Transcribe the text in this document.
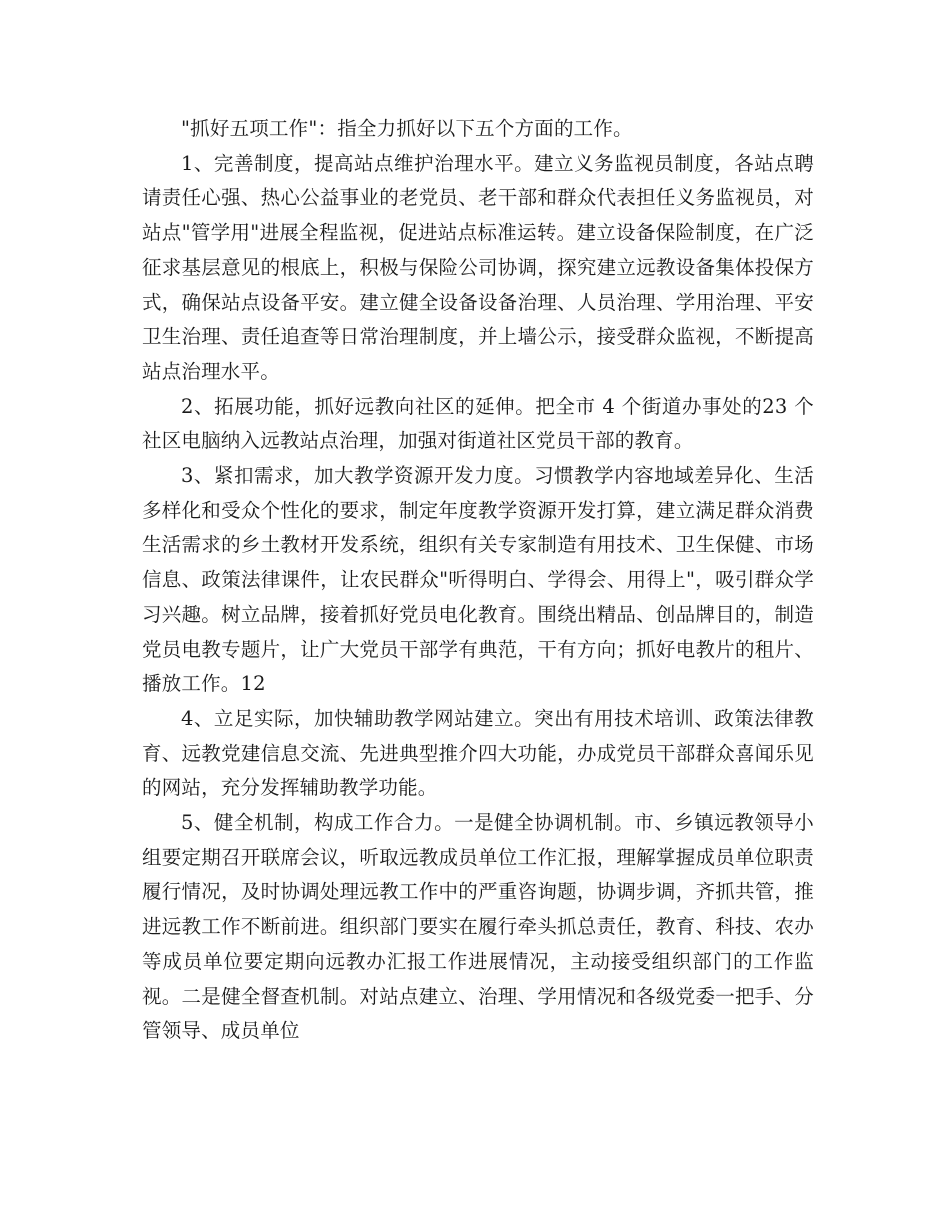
"抓好五项工作"：指全力抓好以下五个方面的工作。

1、完善制度，提高站点维护治理水平。建立义务监视员制度，各站点聘请责任心强、热心公益事业的老党员、老干部和群众代表担任义务监视员，对站点"管学用"进展全程监视，促进站点标准运转。建立设备保险制度，在广泛征求基层意见的根底上，积极与保险公司协调，探究建立远教设备集体投保方式，确保站点设备平安。建立健全设备设备治理、人员治理、学用治理、平安卫生治理、责任追查等日常治理制度，并上墙公示，接受群众监视，不断提高站点治理水平。

2、拓展功能，抓好远教向社区的延伸。把全市 4 个街道办事处的23 个社区电脑纳入远教站点治理，加强对街道社区党员干部的教育。

3、紧扣需求，加大教学资源开发力度。习惯教学内容地域差异化、生活多样化和受众个性化的要求，制定年度教学资源开发打算，建立满足群众消费生活需求的乡土教材开发系统，组织有关专家制造有用技术、卫生保健、市场信息、政策法律课件，让农民群众"听得明白、学得会、用得上"，吸引群众学习兴趣。树立品牌，接着抓好党员电化教育。围绕出精品、创品牌目的，制造党员电教专题片，让广大党员干部学有典范，干有方向；抓好电教片的租片、播放工作。12

4、立足实际，加快辅助教学网站建立。突出有用技术培训、政策法律教育、远教党建信息交流、先进典型推介四大功能，办成党员干部群众喜闻乐见的网站，充分发挥辅助教学功能。

5、健全机制，构成工作合力。一是健全协调机制。市、乡镇远教领导小组要定期召开联席会议，听取远教成员单位工作汇报，理解掌握成员单位职责履行情况，及时协调处理远教工作中的严重咨询题，协调步调，齐抓共管，推进远教工作不断前进。组织部门要实在履行牵头抓总责任，教育、科技、农办等成员单位要定期向远教办汇报工作进展情况，主动接受组织部门的工作监视。二是健全督查机制。对站点建立、治理、学用情况和各级党委一把手、分管领导、成员单位
